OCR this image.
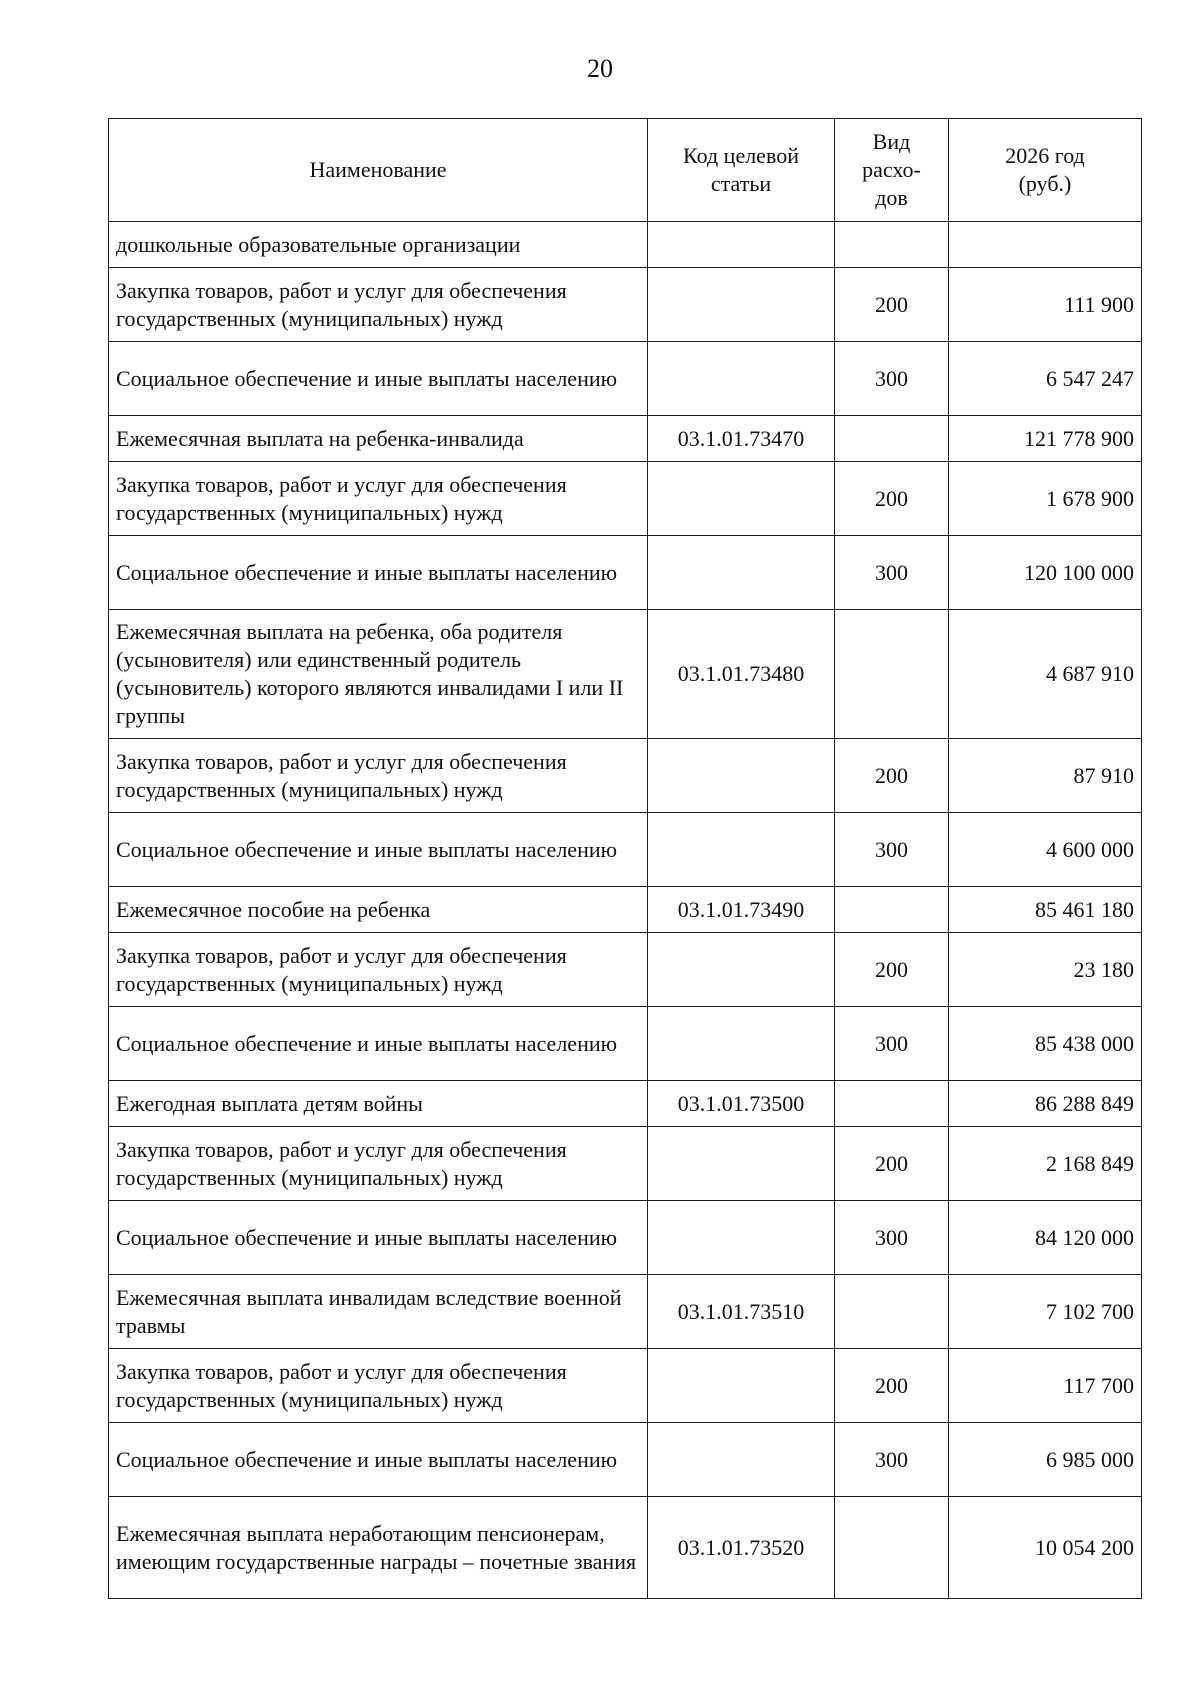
20
Наименование	Код целевой статьи	Вид расхо-дов	2026 год (руб.)
дошкольные образовательные организации			
Закупка товаров, работ и услуг для обеспечения государственных (муниципальных) нужд		200	111 900
Социальное обеспечение и иные выплаты населению		300	6 547 247
Ежемесячная выплата на ребенка-инвалида	03.1.01.73470		121 778 900
Закупка товаров, работ и услуг для обеспечения государственных (муниципальных) нужд		200	1 678 900
Социальное обеспечение и иные выплаты населению		300	120 100 000
Ежемесячная выплата на ребенка, оба родителя (усыновителя) или единственный родитель (усыновитель) которого являются инвалидами I или II группы	03.1.01.73480		4 687 910
Закупка товаров, работ и услуг для обеспечения государственных (муниципальных) нужд		200	87 910
Социальное обеспечение и иные выплаты населению		300	4 600 000
Ежемесячное пособие на ребенка	03.1.01.73490		85 461 180
Закупка товаров, работ и услуг для обеспечения государственных (муниципальных) нужд		200	23 180
Социальное обеспечение и иные выплаты населению		300	85 438 000
Ежегодная выплата детям войны	03.1.01.73500		86 288 849
Закупка товаров, работ и услуг для обеспечения государственных (муниципальных) нужд		200	2 168 849
Социальное обеспечение и иные выплаты населению		300	84 120 000
Ежемесячная выплата инвалидам вследствие военной травмы	03.1.01.73510		7 102 700
Закупка товаров, работ и услуг для обеспечения государственных (муниципальных) нужд		200	117 700
Социальное обеспечение и иные выплаты населению		300	6 985 000
Ежемесячная выплата неработающим пенсионерам, имеющим государственные награды – почетные звания	03.1.01.73520		10 054 200
